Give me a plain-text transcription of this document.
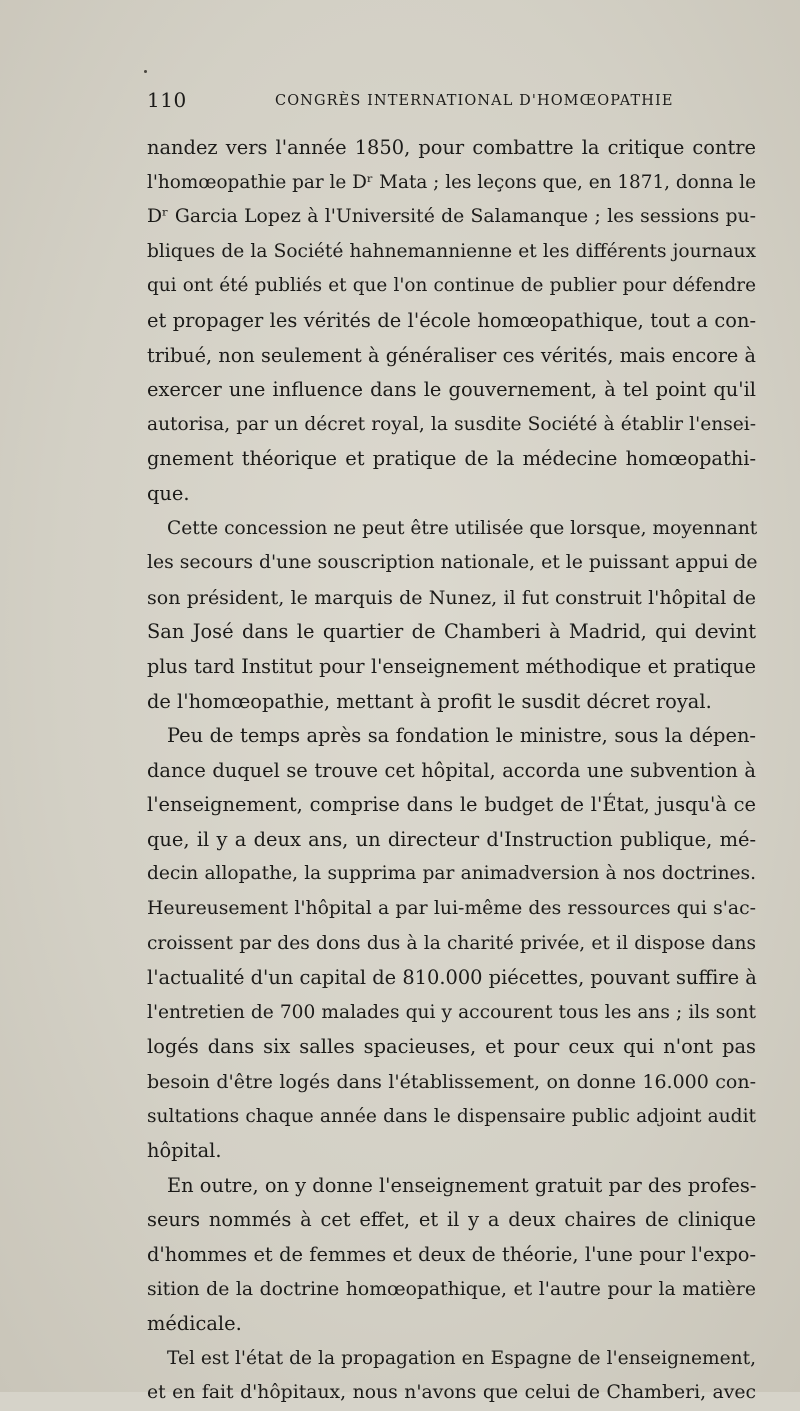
110	CONGRÈS INTERNATIONAL D'HOMŒOPATHIE
nandez vers l'année 1850, pour combattre la critique contre
l'homœopathie par le Dʳ Mata ; les leçons que, en 1871, donna le
Dʳ Garcia Lopez à l'Université de Salamanque ; les sessions pu-
bliques de la Société hahnemannienne et les différents journaux
qui ont été publiés et que l'on continue de publier pour défendre
et propager les vérités de l'école homœopathique, tout a con-
tribué, non seulement à généraliser ces vérités, mais encore à
exercer une influence dans le gouvernement, à tel point qu'il
autorisa, par un décret royal, la susdite Société à établir l'ensei-
gnement théorique et pratique de la médecine homœopathi-
que.
Cette concession ne peut être utilisée que lorsque, moyennant
les secours d'une souscription nationale, et le puissant appui de
son président, le marquis de Nunez, il fut construit l'hôpital de
San José dans le quartier de Chamberi à Madrid, qui devint
plus tard Institut pour l'enseignement méthodique et pratique
de l'homœopathie, mettant à profit le susdit décret royal.
Peu de temps après sa fondation le ministre, sous la dépen-
dance duquel se trouve cet hôpital, accorda une subvention à
l'enseignement, comprise dans le budget de l'État, jusqu'à ce
que, il y a deux ans, un directeur d'Instruction publique, mé-
decin allopathe, la supprima par animadversion à nos doctrines.
Heureusement l'hôpital a par lui-même des ressources qui s'ac-
croissent par des dons dus à la charité privée, et il dispose dans
l'actualité d'un capital de 810.000 piécettes, pouvant suffire à
l'entretien de 700 malades qui y accourent tous les ans ; ils sont
logés dans six salles spacieuses, et pour ceux qui n'ont pas
besoin d'être logés dans l'établissement, on donne 16.000 con-
sultations chaque année dans le dispensaire public adjoint audit
hôpital.
En outre, on y donne l'enseignement gratuit par des profes-
seurs nommés à cet effet, et il y a deux chaires de clinique
d'hommes et de femmes et deux de théorie, l'une pour l'expo-
sition de la doctrine homœopathique, et l'autre pour la matière
médicale.
Tel est l'état de la propagation en Espagne de l'enseignement,
et en fait d'hôpitaux, nous n'avons que celui de Chamberi, avec
